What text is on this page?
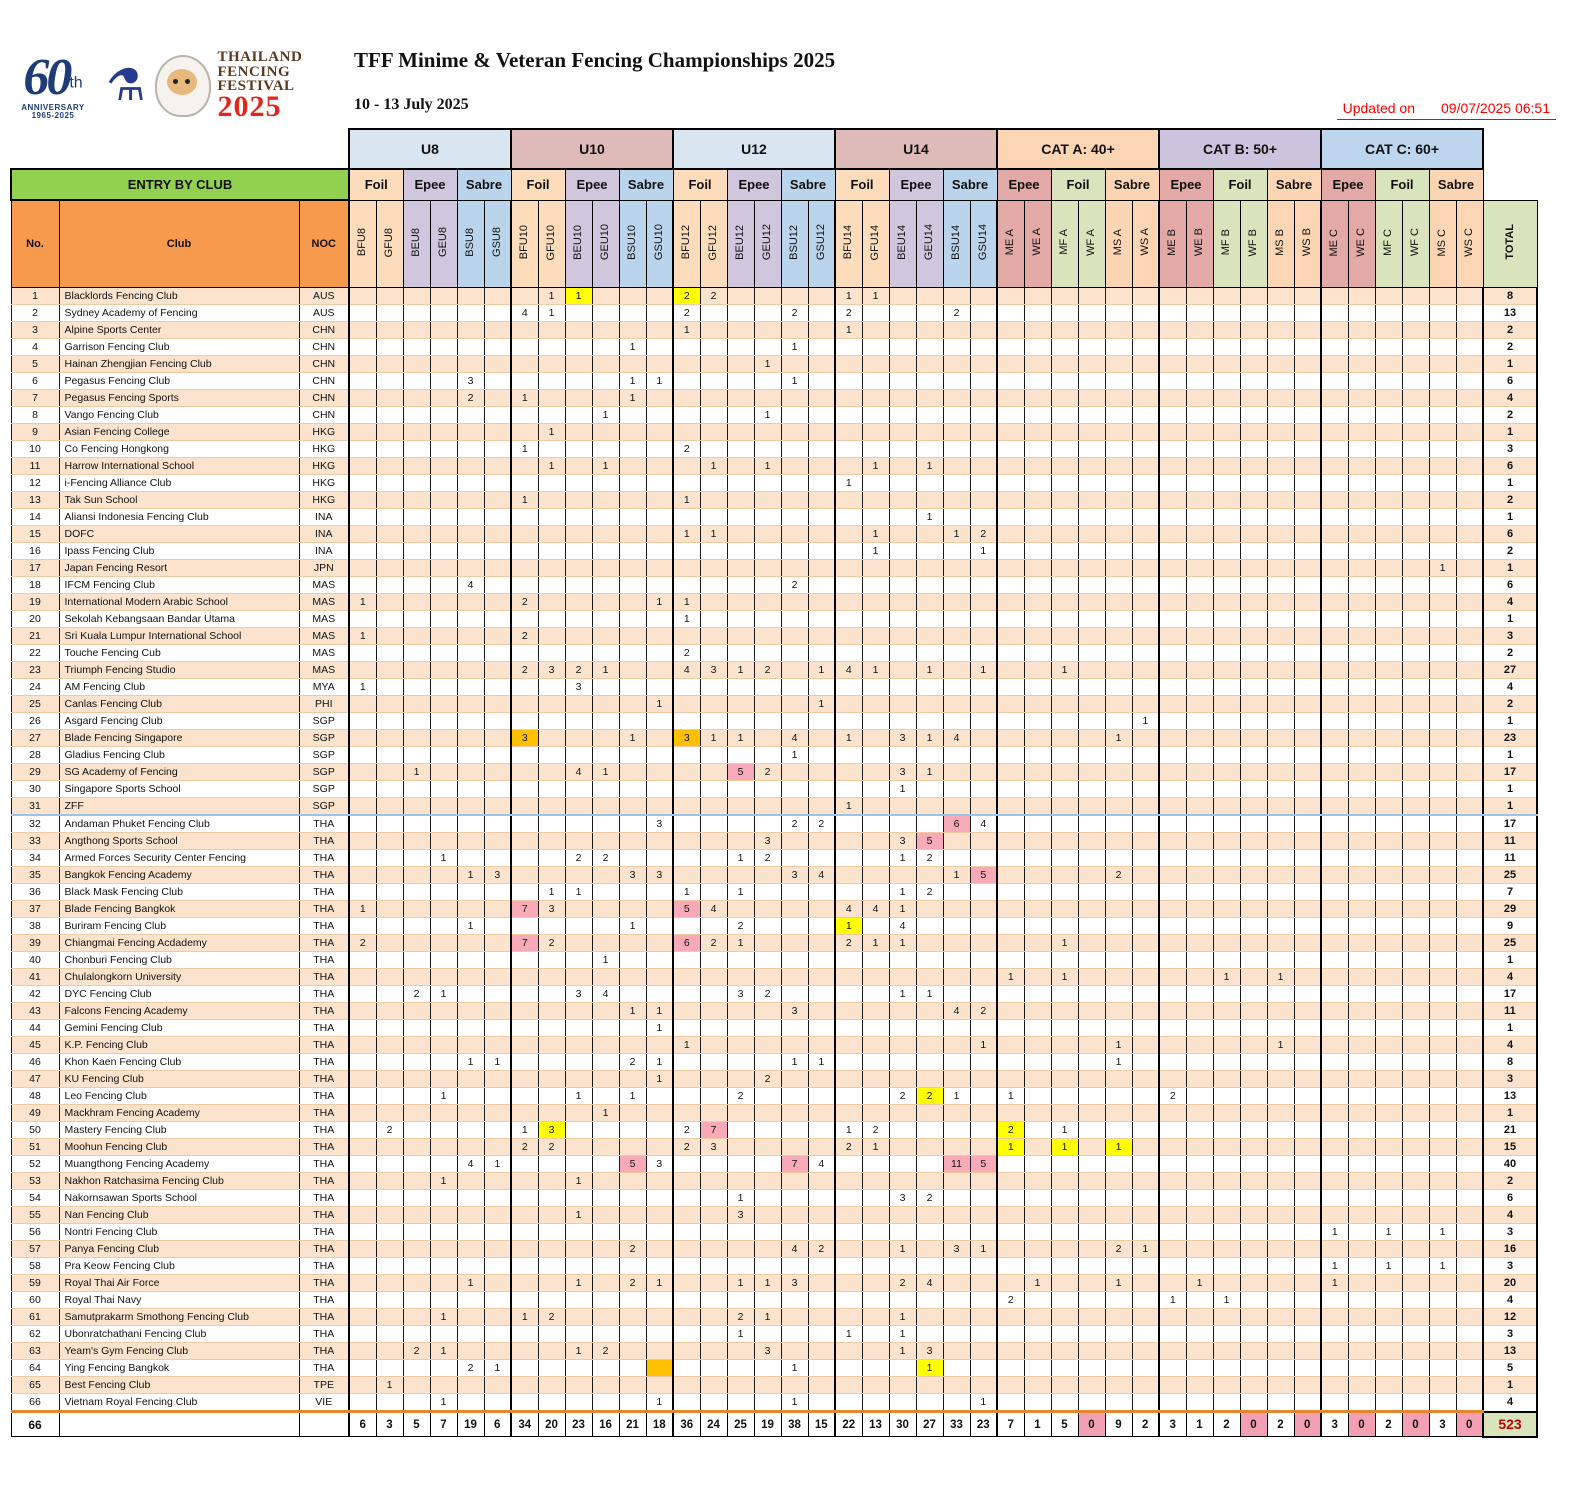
60th
ANNIVERSARY
1965-2025
⚗
THAILAND
FENCING
FESTIVAL
2025
TFF Minime & Veteran Fencing Championships 2025
10 - 13 July 2025	Updated on 09/07/2025 06:51
			U8						U10						U12						U14						CAT A: 40+						CAT B: 50+						CAT C: 60+						
ENTRY BY CLUB			Foil		Epee		Sabre		Foil		Epee		Sabre		Foil		Epee		Sabre		Foil		Epee		Sabre		Epee		Foil		Sabre		Epee		Foil		Sabre		Epee		Foil		Sabre		
No.	Club	NOC	BFU8	GFU8	BEU8	GEU8	BSU8	GSU8	BFU10	GFU10	BEU10	GEU10	BSU10	GSU10	BFU12	GFU12	BEU12	GEU12	BSU12	GSU12	BFU14	GFU14	BEU14	GEU14	BSU14	GSU14	ME A	WE A	MF A	WF A	MS A	WS A	ME B	WE B	MF B	WF B	MS B	WS B	ME C	WE C	MF C	WF C	MS C	WS C	TOTAL
1	Blacklords Fencing Club	AUS								1	1				2	2					1	1																							8
2	Sydney Academy of Fencing	AUS							4	1					2				2		2				2																				13
3	Alpine Sports Center	CHN													1						1																								2
4	Garrison Fencing Club	CHN											1						1																										2
5	Hainan Zhengjian Fencing Club	CHN																1																											1
6	Pegasus Fencing Club	CHN					3						1	1					1																										6
7	Pegasus Fencing Sports	CHN					2		1				1																																4
8	Vango Fencing Club	CHN										1						1																											2
9	Asian Fencing College	HKG								1																																			1
10	Co Fencing Hongkong	HKG							1						2																														3
11	Harrow International School	HKG								1		1				1		1				1		1																					6
12	i-Fencing Alliance Club	HKG																			1																								1
13	Tak Sun School	HKG							1						1																														2
14	Aliansi Indonesia Fencing Club	INA																						1																					1
15	DOFC	INA													1	1						1			1	2																			6
16	Ipass Fencing Club	INA																				1				1																			2
17	Japan Fencing Resort	JPN																																									1		1
18	IFCM Fencing Club	MAS					4												2																										6
19	International Modern Arabic School	MAS	1						2					1	1																														4
20	Sekolah Kebangsaan Bandar Utama	MAS													1																														1
21	Sri Kuala Lumpur International School	MAS	1						2																																				3
22	Touche Fencing Cub	MAS													2																														2
23	Triumph Fencing Studio	MAS							2	3	2	1			4	3	1	2		1	4	1		1		1			1																27
24	AM Fencing Club	MYA	1								3																																		4
25	Canlas Fencing Club	PHI												1						1																									2
26	Asgard Fencing Club	SGP																														1													1
27	Blade Fencing Singapore	SGP							3				1		3	1	1		4		1		3	1	4						1														23
28	Gladius Fencing Club	SGP																	1																										1
29	SG Academy of Fencing	SGP			1						4	1					5	2					3	1																					17
30	Singapore Sports School	SGP																					1																						1
31	ZFF	SGP																			1																								1
32	Andaman Phuket Fencing Club	THA												3					2	2					6	4																			17
33	Angthong Sports School	THA																3					3	5																					11
34	Armed Forces Security Center Fencing	THA				1					2	2					1	2					1	2																					11
35	Bangkok Fencing Academy	THA					1	3					3	3					3	4					1	5					2														25
36	Black Mask Fencing Club	THA								1	1				1		1						1	2																					7
37	Blade Fencing Bangkok	THA	1						7	3					5	4					4	4	1																						29
38	Buriram Fencing Club	THA					1						1				2				1		4																						9
39	Chiangmai Fencing Acdademy	THA	2						7	2					6	2	1				2	1	1						1																25
40	Chonburi Fencing Club	THA										1																																	1
41	Chulalongkorn University	THA																									1		1						1		1								4
42	DYC Fencing Club	THA			2	1					3	4					3	2					1	1																					17
43	Falcons Fencing Academy	THA											1	1					3						4	2																			11
44	Gemini Fencing Club	THA												1																															1
45	K.P. Fencing Club	THA													1											1					1						1								4
46	Khon Kaen Fencing Club	THA					1	1					2	1					1	1											1														8
47	KU Fencing Club	THA												1				2																											3
48	Leo Fencing Club	THA				1					1		1				2						2	2	1		1						2												13
49	Mackhram Fencing Academy	THA										1																																	1
50	Mastery Fencing Club	THA		2					1	3					2	7					1	2					2		1																21
51	Moohun Fencing Club	THA							2	2					2	3					2	1					1		1		1														15
52	Muangthong Fencing Academy	THA					4	1					5	3					7	4					11	5																			40
53	Nakhon Ratchasima Fencing Club	THA				1					1																																		2
54	Nakornsawan Sports School	THA															1						3	2																					6
55	Nan Fencing Club	THA									1						3																												4
56	Nontri Fencing Club	THA																																					1		1		1		3
57	Panya Fencing Club	THA											2						4	2			1		3	1					2	1													16
58	Pra Keow Fencing Club	THA																																					1		1		1		3
59	Royal Thai Air Force	THA					1				1		2	1			1	1	3				2	4				1			1			1					1						20
60	Royal Thai Navy	THA																									2						1		1										4
61	Samutprakarm Smothong Fencing Club	THA				1			1	2							2	1					1																						12
62	Ubonratchathani Fencing Club	THA															1				1		1																						3
63	Yeam's Gym Fencing Club	THA			2	1					1	2						3					1	3																					13
64	Ying Fencing Bangkok	THA					2	1											1					1																					5
65	Best Fencing Club	TPE		1																																									1
66	Vietnam Royal Fencing Club	VIE				1								1					1							1																			4
66			6	3	5	7	19	6	34	20	23	16	21	18	36	24	25	19	38	15	22	13	30	27	33	23	7	1	5	0	9	2	3	1	2	0	2	0	3	0	2	0	3	0	523
